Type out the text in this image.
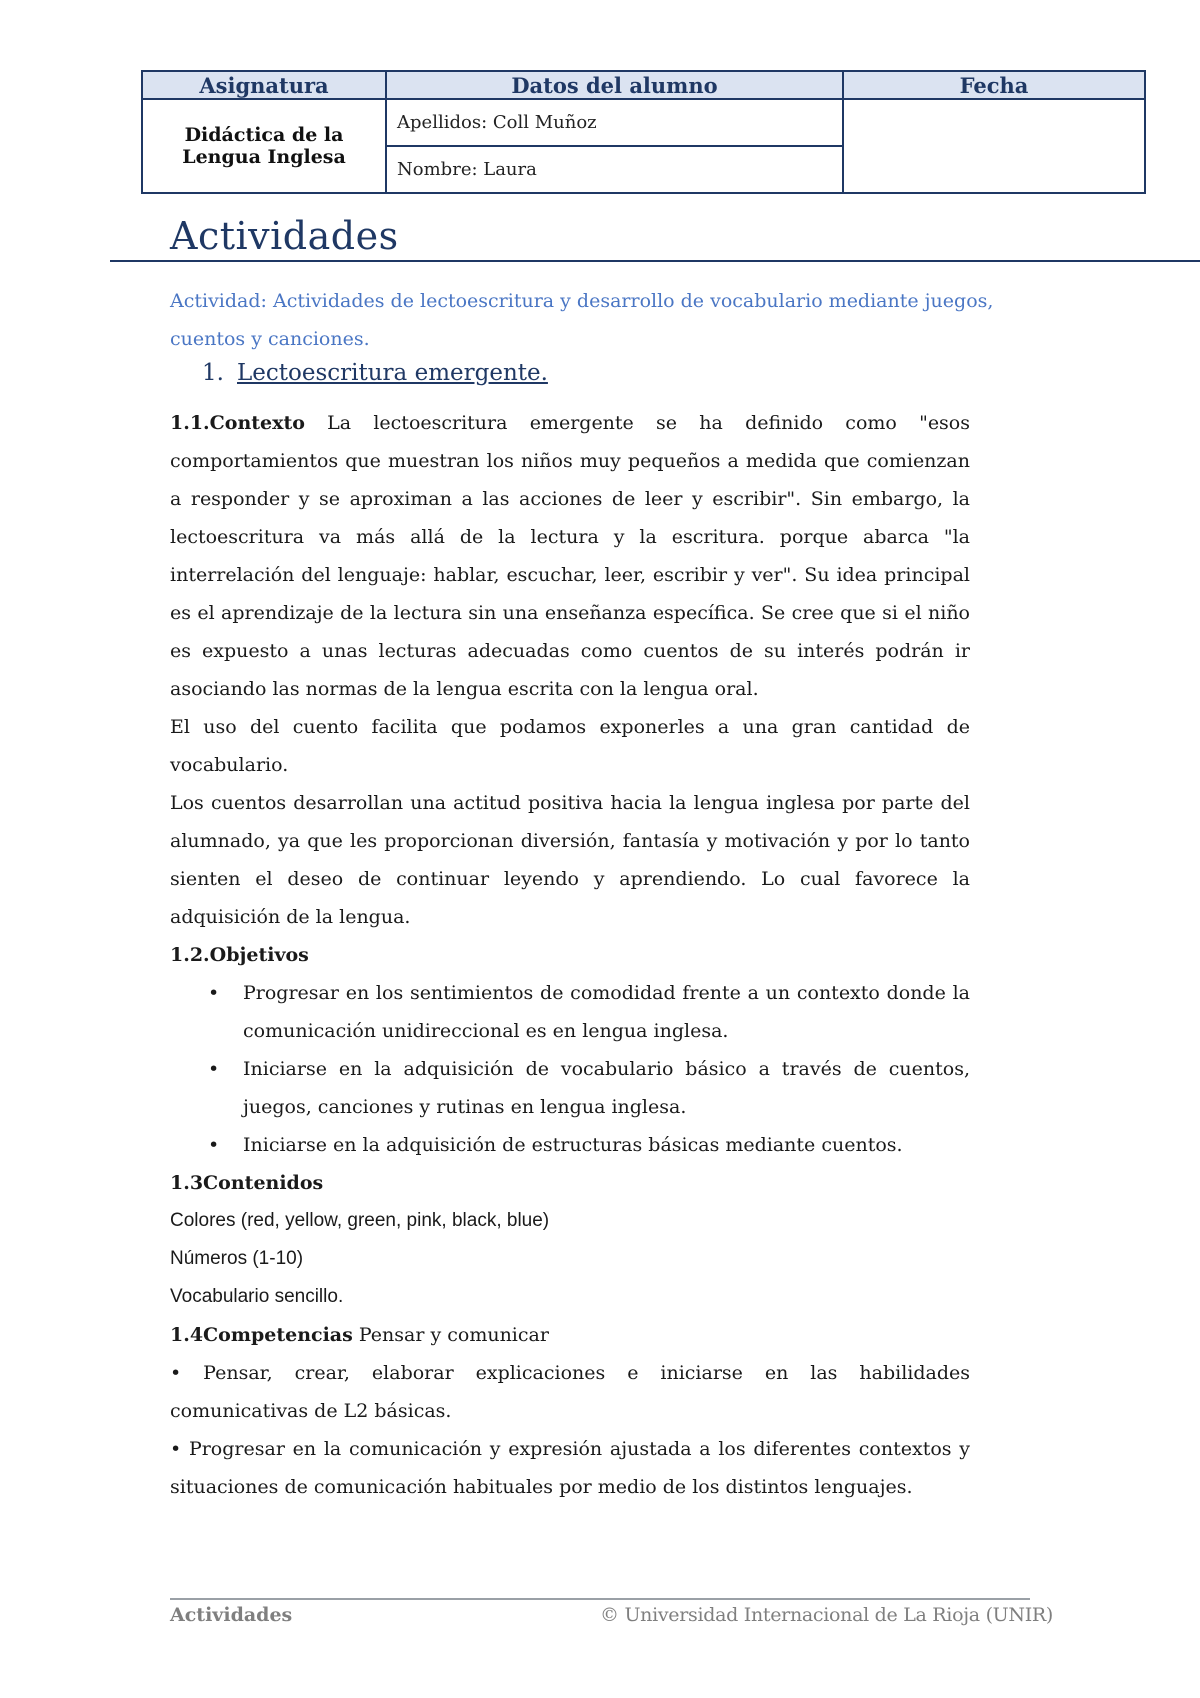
Asignatura	Datos del alumno	Fecha

Didáctica de la
Lengua Inglesa	Apellidos: Coll Muñoz	
	Nombre: Laura	
Actividades
Actividad: Actividades de lectoescritura y desarrollo de vocabulario mediante juegos, cuentos y canciones.
1. Lectoescritura emergente.

1.1.Contexto La lectoescritura emergente se ha definido como "esos comportamientos que muestran los niños muy pequeños a medida que comienzan a responder y se aproximan a las acciones de leer y escribir". Sin embargo, la lectoescritura va más allá de la lectura y la escritura. porque abarca "la interrelación del lenguaje: hablar, escuchar, leer, escribir y ver". Su idea principal es el aprendizaje de la lectura sin una enseñanza específica. Se cree que si el niño es expuesto a unas lecturas adecuadas como cuentos de su interés podrán ir asociando las normas de la lengua escrita con la lengua oral.

El uso del cuento facilita que podamos exponerles a una gran cantidad de vocabulario.

Los cuentos desarrollan una actitud positiva hacia la lengua inglesa por parte del alumnado, ya que les proporcionan diversión, fantasía y motivación y por lo tanto sienten el deseo de continuar leyendo y aprendiendo. Lo cual favorece la adquisición de la lengua.

1.2.Objetivos

• Progresar en los sentimientos de comodidad frente a un contexto donde la comunicación unidireccional es en lengua inglesa.
• Iniciarse en la adquisición de vocabulario básico a través de cuentos, juegos, canciones y rutinas en lengua inglesa.
• Iniciarse en la adquisición de estructuras básicas mediante cuentos.

1.3Contenidos

Colores (red, yellow, green, pink, black, blue)

Números (1-10)

Vocabulario sencillo.

1.4Competencias Pensar y comunicar

• Pensar, crear, elaborar explicaciones e iniciarse en las habilidades comunicativas de L2 básicas.

• Progresar en la comunicación y expresión ajustada a los diferentes contextos y situaciones de comunicación habituales por medio de los distintos lenguajes.

Actividades	© Universidad Internacional de La Rioja (UNIR)
